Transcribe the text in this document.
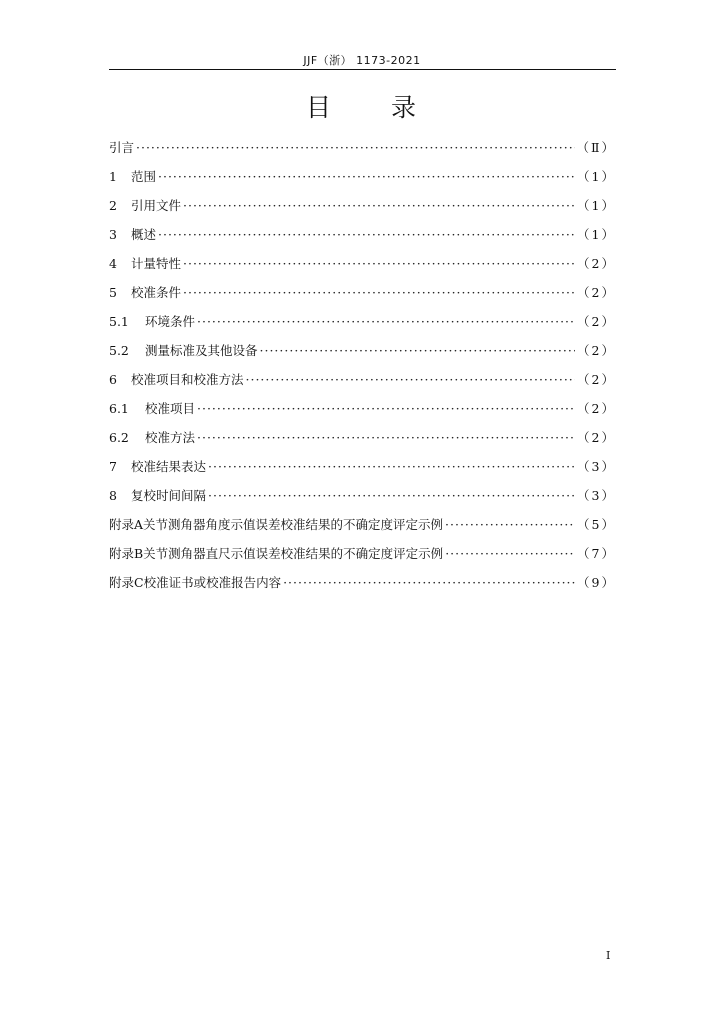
JJF（浙） 1173-2021
目 录
引言 ·····	（Ⅱ）
1	范围 ·····	（1）
2	引用文件 ·····	（1）
3	概述 ·····	（1）
4	计量特性 ·····	（2）
5	校准条件 ·····	（2）
5.1	环境条件 ·····	（2）
5.2	测量标准及其他设备 ·····	（2）
6	校准项目和校准方法 ·····	（2）
6.1	校准项目 ·····	（2）
6.2	校准方法 ·····	（2）
7	校准结果表达 ·····	（3）
8	复校时间间隔 ·····	（3）
附录A关节测角器角度示值误差校准结果的不确定度评定示例 ·····	（5）
附录B关节测角器直尺示值误差校准结果的不确定度评定示例 ·····	（7）
附录C校准证书或校准报告内容 ·····	（9）
I
